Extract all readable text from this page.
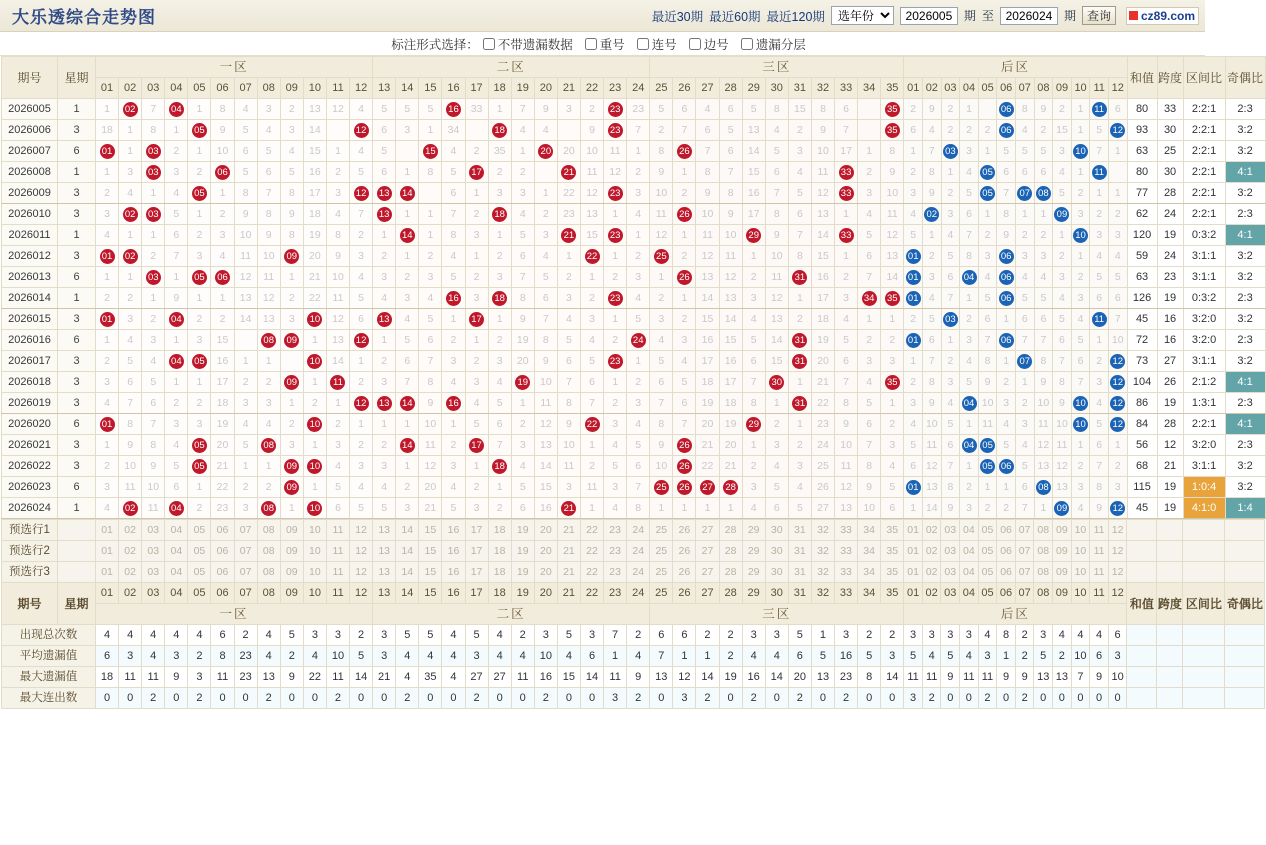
大乐透综合走势图	最近30期 最近60期 最近120期
选年份
2026005	期 至
2026024	期 查询	cz89.com
标注形式选择： 不带遗漏数据 重号 连号 边号 遗漏分层
期号	星期	一区												二区												三区											后区												和值	跨度	区间比	奇偶比
		01	02	03	04	05	06	07	08	09	10	11	12	13	14	15	16	17	18	19	20	21	22	23	24	25	26	27	28	29	30	31	32	33	34	35	01	02	03	04	05	06	07	08	09	10	11	12				
2026005	1	1	02	7	04	1	8	4	3	2	13	12	4	5	5	5	16	33	1	7	9	3	2	23	23	5	6	4	6	5	8	15	8	6		35	2	9	2	1		06	8	9	2	1	11	6	80	33	2:2:1	2:3
2026006	3	18	1	8	1	05	9	5	4	3	14		12	6	3	1	34		18	4	4		9	23	7	2	7	6	5	13	4	2	9	7		35	6	4	2	2	2	06	4	2	15	1	5	12	93	30	2:2:1	3:2
2026007	6	01	1	03	2	1	10	6	5	4	15	1	4	5		15	4	2	35	1	20	20	10	11	1	8	26	7	6	14	5	3	10	17	1	8	1	7	03	3	1	5	5	5	3	10	7	1	63	25	2:2:1	3:2
2026008	1	1	3	03	3	2	06	5	6	5	16	2	5	6	1	8	5	17	2	2		21	11	12	2	9	1	8	7	15	6	4	11	33	2	9	2	8	1	4	05	6	6	6	4	1	11		80	30	2:2:1	4:1
2026009	3	2	4	1	4	05	1	8	7	8	17	3	12	13	14		6	1	3	3	1	22	12	23	3	10	2	9	8	16	7	5	12	33	3	10	3	9	2	5	05	7	07	08	5	2	1	1	77	28	2:2:1	3:2
2026010	3	3	02	03	5	1	2	9	8	9	18	4	7	13	1	1	7	2	18	4	2	23	13	1	4	11	26	10	9	17	8	6	13	1	4	11	4	02	3	6	1	8	1	1	09	3	2	2	62	24	2:2:1	2:3
2026011	1	4	1	1	6	2	3	10	9	8	19	8	2	1	14	1	8	3	1	5	3	21	15	23	1	12	1	11	10	29	9	7	14	33	5	12	5	1	4	7	2	9	2	2	1	10	3	3	120	19	0:3:2	4:1
2026012	3	01	02	2	7	3	4	11	10	09	20	9	3	2	1	2	4	1	2	6	4	1	22	1	2	25	2	12	11	1	10	8	15	1	6	13	01	2	5	8	3	06	3	3	2	1	4	4	59	24	3:1:1	3:2
2026013	6	1	1	03	1	05	06	12	11	1	21	10	4	3	2	3	5	2	3	7	5	2	1	2	3	1	26	13	12	2	11	31	16	2	7	14	01	3	6	04	4	06	4	4	3	2	5	5	63	23	3:1:1	3:2
2026014	1	2	2	1	9	1	1	13	12	2	22	11	5	4	3	4	16	3	18	8	6	3	2	23	4	2	1	14	13	3	12	1	17	3	34	35	01	4	7	1	5	06	5	5	4	3	6	6	126	19	0:3:2	2:3
2026015	3	01	3	2	04	2	2	14	13	3	10	12	6	13	4	5	1	17	1	9	7	4	3	1	5	3	2	15	14	4	13	2	18	4	1	1	2	5	03	2	6	1	6	6	5	4	11	7	45	16	3:2:0	3:2
2026016	6	1	4	3	1	3	15		08	09	1	13	12	1	5	6	2	1	2	19	8	5	4	2	24	4	3	16	15	5	14	31	19	5	2	2	01	6	1	3	7	06	7	7	6	5	1	10	72	16	3:2:0	2:3
2026017	3	2	5	4	04	05	16	1	1		10	14	1	2	6	7	3	2	3	20	9	6	5	23	1	5	4	17	16	6	15	31	20	6	3	3	1	7	2	4	8	1	07	8	7	6	2	12	73	27	3:1:1	3:2
2026018	3	3	6	5	1	1	17	2	2	09	1	11	2	3	7	8	4	3	4	19	10	7	6	1	2	6	5	18	17	7	30	1	21	7	4	35	2	8	3	5	9	2	1	9	8	7	3	12	104	26	2:1:2	4:1
2026019	3	4	7	6	2	2	18	3	3	1	2	1	12	13	14	9	16	4	5	1	11	8	7	2	3	7	6	19	18	8	1	31	22	8	5	1	3	9	4	04	10	3	2	10	9	10	4	12	86	19	1:3:1	2:3
2026020	6	01	8	7	3	3	19	4	4	2	10	2	1	1	1	10	1	5	6	2	12	9	22	3	4	8	7	20	19	29	2	1	23	9	6	2	4	10	5	1	11	4	3	11	10	10	5	12	84	28	2:2:1	4:1
2026021	3	1	9	8	4	05	20	5	08	3	1	3	2	2	14	11	2	17	7	3	13	10	1	4	5	9	26	21	20	1	3	2	24	10	7	3	5	11	6	04	05	5	4	12	11	1	6	1	56	12	3:2:0	2:3
2026022	3	2	10	9	5	05	21	1	1	09	10	4	3	3	1	12	3	1	18	4	14	11	2	5	6	10	26	22	21	2	4	3	25	11	8	4	6	12	7	1	05	06	5	13	12	2	7	2	68	21	3:1:1	3:2
2026023	6	3	11	10	6	1	22	2	2	09	1	5	4	4	2	20	4	2	1	5	15	3	11	3	7	25	26	27	28	3	5	4	26	12	9	5	01	13	8	2	1	1	6	08	13	3	8	3	115	19	1:0:4	3:2
2026024	1	4	02	11	04	2	23	3	08	1	10	6	5	5	3	21	5	3	2	6	16	21	1	4	8	1	1	1	1	4	6	5	27	13	10	6	1	14	9	3	2	2	7	1	09	4	9	12	45	19	4:1:0	1:4
预选行1		01	02	03	04	05	06	07	08	09	10	11	12	13	14	15	16	17	18	19	20	21	22	23	24	25	26	27	28	29	30	31	32	33	34	35	01	02	03	04	05	06	07	08	09	10	11	12				
预选行2		01	02	03	04	05	06	07	08	09	10	11	12	13	14	15	16	17	18	19	20	21	22	23	24	25	26	27	28	29	30	31	32	33	34	35	01	02	03	04	05	06	07	08	09	10	11	12				
预选行3		01	02	03	04	05	06	07	08	09	10	11	12	13	14	15	16	17	18	19	20	21	22	23	24	25	26	27	28	29	30	31	32	33	34	35	01	02	03	04	05	06	07	08	09	10	11	12				
期号	星期	01	02	03	04	05	06	07	08	09	10	11	12	13	14	15	16	17	18	19	20	21	22	23	24	25	26	27	28	29	30	31	32	33	34	35	01	02	03	04	05	06	07	08	09	10	11	12	和值	跨度	区间比	奇偶比
		一区												二区												三区											后区															
出现总次数		4	4	4	4	4	6	2	4	5	3	3	2	3	5	5	4	5	4	2	3	5	3	7	2	6	6	2	2	3	3	5	1	3	2	2	3	3	3	3	4	8	2	3	4	4	4	6				
平均遗漏值		6	3	4	3	2	8	23	4	2	4	10	5	3	4	4	4	3	4	4	10	4	6	1	4	7	1	1	2	4	4	6	5	16	5	3	5	4	5	4	3	1	2	5	2	10	6	3				
最大遗漏值		18	11	11	9	3	11	23	13	9	22	11	14	21	4	35	4	27	27	11	16	15	14	11	9	13	12	14	19	16	14	20	13	23	8	14	11	11	9	11	11	9	9	13	13	7	9	10				
最大连出数		0	0	2	0	2	0	0	2	0	0	2	0	0	2	0	0	2	0	0	2	0	0	3	2	0	3	2	0	2	0	2	0	2	0	0	3	2	0	0	2	0	2	0	0	0	0	0				
